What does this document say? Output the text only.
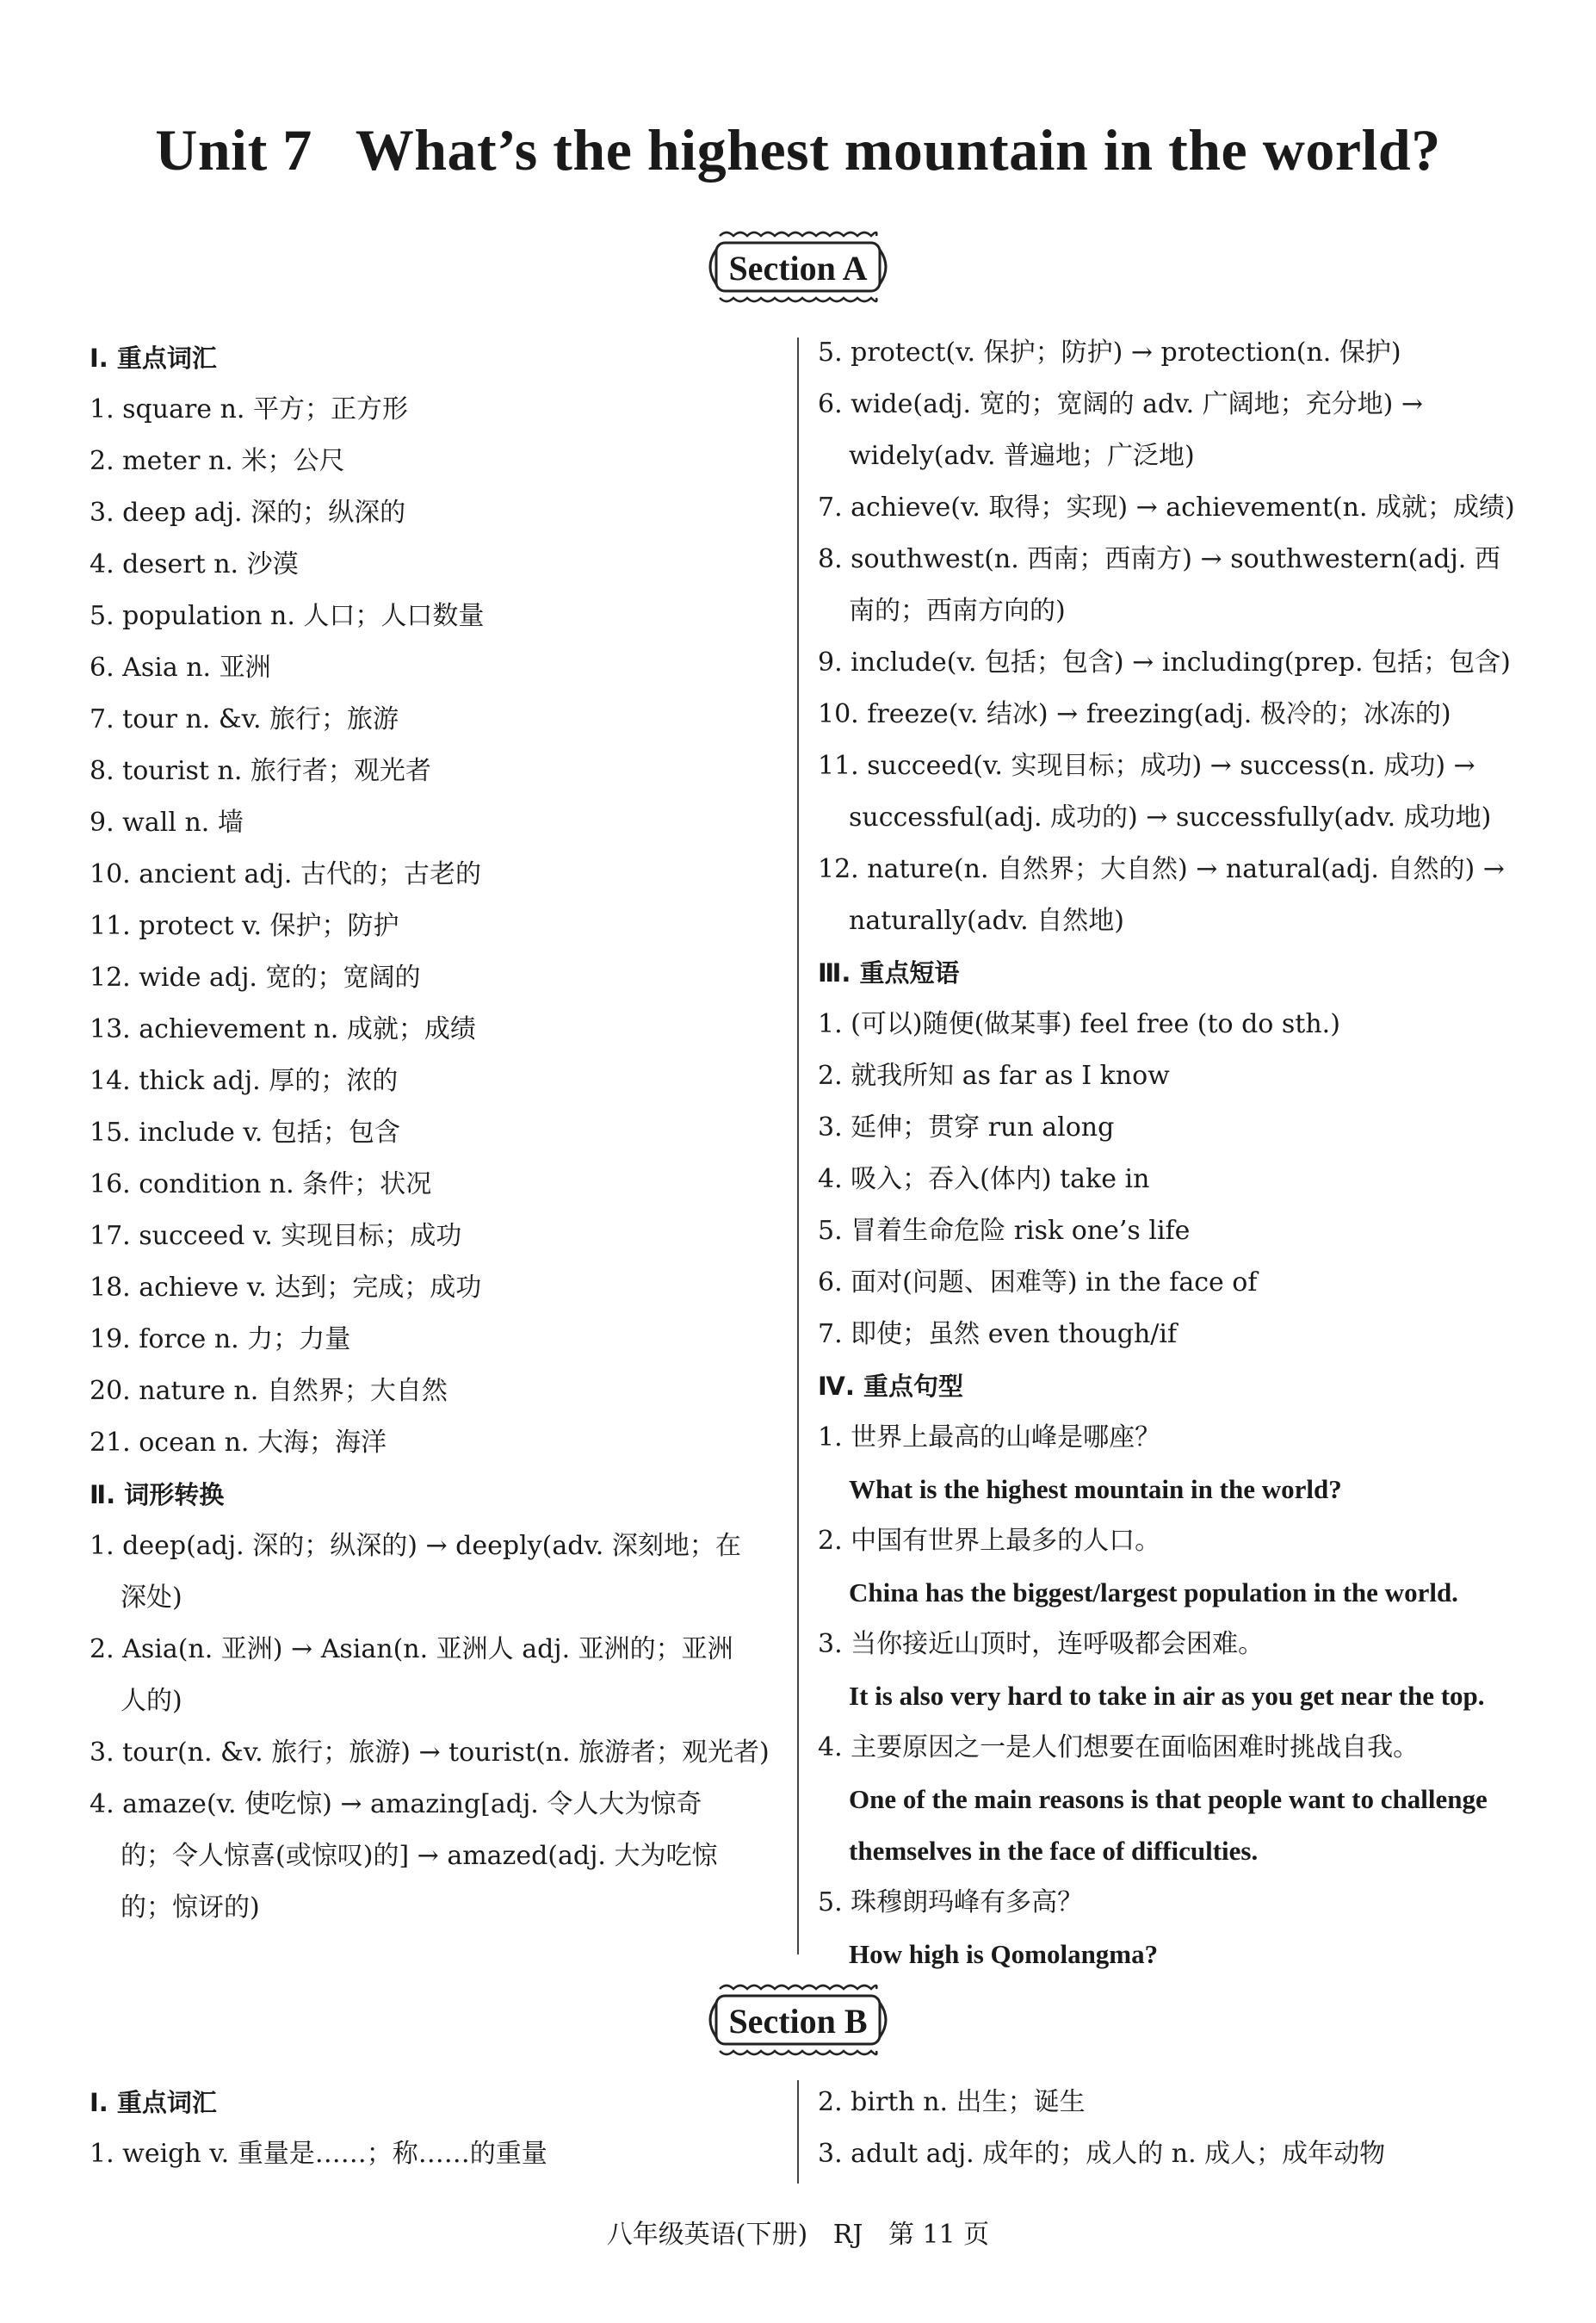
Unit 7 What’s the highest mountain in the world?
Section A
Ⅰ. 重点词汇
1. square n. 平方；正方形
2. meter n. 米；公尺
3. deep adj. 深的；纵深的
4. desert n. 沙漠
5. population n. 人口；人口数量
6. Asia n. 亚洲
7. tour n. &v. 旅行；旅游
8. tourist n. 旅行者；观光者
9. wall n. 墙
10. ancient adj. 古代的；古老的
11. protect v. 保护；防护
12. wide adj. 宽的；宽阔的
13. achievement n. 成就；成绩
14. thick adj. 厚的；浓的
15. include v. 包括；包含
16. condition n. 条件；状况
17. succeed v. 实现目标；成功
18. achieve v. 达到；完成；成功
19. force n. 力；力量
20. nature n. 自然界；大自然
21. ocean n. 大海；海洋
Ⅱ. 词形转换
1. deep(adj. 深的；纵深的) → deeply(adv. 深刻地；在
深处)
2. Asia(n. 亚洲) → Asian(n. 亚洲人 adj. 亚洲的；亚洲
人的)
3. tour(n. &v. 旅行；旅游) → tourist(n. 旅游者；观光者)
4. amaze(v. 使吃惊) → amazing[adj. 令人大为惊奇
的；令人惊喜(或惊叹)的] → amazed(adj. 大为吃惊
的；惊讶的)
5. protect(v. 保护；防护) → protection(n. 保护)
6. wide(adj. 宽的；宽阔的 adv. 广阔地；充分地) →
widely(adv. 普遍地；广泛地)
7. achieve(v. 取得；实现) → achievement(n. 成就；成绩)
8. southwest(n. 西南；西南方) → southwestern(adj. 西
南的；西南方向的)
9. include(v. 包括；包含) → including(prep. 包括；包含)
10. freeze(v. 结冰) → freezing(adj. 极冷的；冰冻的)
11. succeed(v. 实现目标；成功) → success(n. 成功) →
successful(adj. 成功的) → successfully(adv. 成功地)
12. nature(n. 自然界；大自然) → natural(adj. 自然的) →
naturally(adv. 自然地)
Ⅲ. 重点短语
1. (可以)随便(做某事) feel free (to do sth.)
2. 就我所知 as far as I know
3. 延伸；贯穿 run along
4. 吸入；吞入(体内) take in
5. 冒着生命危险 risk one’s life
6. 面对(问题、困难等) in the face of
7. 即使；虽然 even though/if
Ⅳ. 重点句型
1. 世界上最高的山峰是哪座？
What is the highest mountain in the world?
2. 中国有世界上最多的人口。
China has the biggest/largest population in the world.
3. 当你接近山顶时，连呼吸都会困难。
It is also very hard to take in air as you get near the top.
4. 主要原因之一是人们想要在面临困难时挑战自我。
One of the main reasons is that people want to challenge
themselves in the face of difficulties.
5. 珠穆朗玛峰有多高？
How high is Qomolangma?
Section B
Ⅰ. 重点词汇
1. weigh v. 重量是……；称……的重量
2. birth n. 出生；诞生
3. adult adj. 成年的；成人的 n. 成人；成年动物
八年级英语(下册) RJ 第 11 页
